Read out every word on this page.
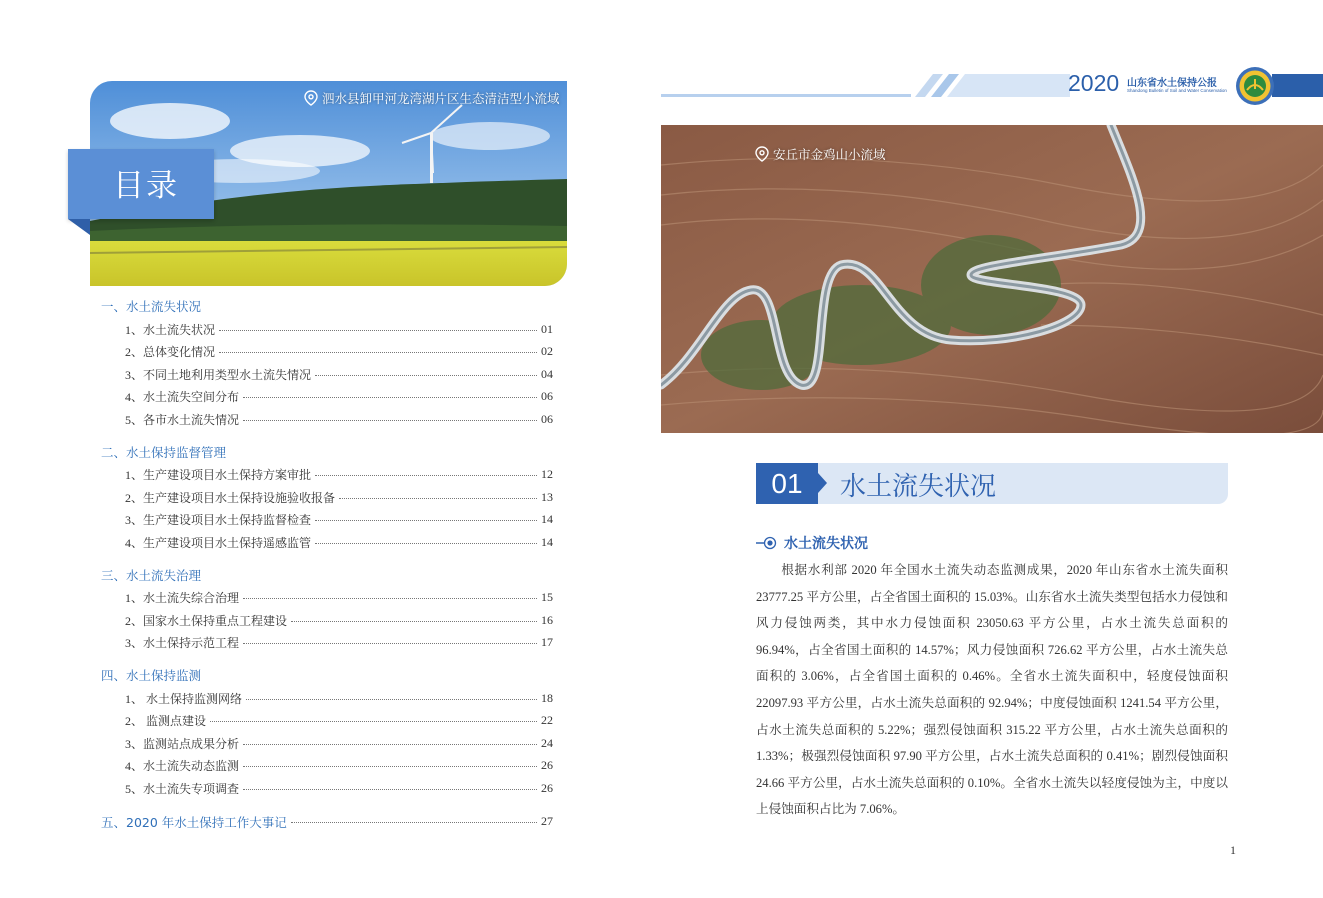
泗水县卸甲河龙湾湖片区生态清洁型小流域
目录
一、水土流失状况
1、水土流失状况	01
2、总体变化情况	02
3、不同土地利用类型水土流失情况	04
4、水土流失空间分布	06
5、各市水土流失情况	06
二、水土保持监督管理
1、生产建设项目水土保持方案审批	12
2、生产建设项目水土保持设施验收报备	13
3、生产建设项目水土保持监督检查	14
4、生产建设项目水土保持遥感监管	14
三、水土流失治理
1、水土流失综合治理	15
2、国家水土保持重点工程建设	16
3、水土保持示范工程	17
四、水土保持监测
1、 水土保持监测网络	18
2、 监测点建设	22
3、监测站点成果分析	24
4、水土流失动态监测	26
5、水土流失专项调查	26
五、2020 年水土保持工作大事记	27
2020 山东省水土保持公报
Shandong Bulletin of Soil and Water Conservation
安丘市金鸡山小流域
01	水土流失状况
水土流失状况

根据水利部 2020 年全国水土流失动态监测成果，2020 年山东省水土流失面积 23777.25 平方公里，占全省国土面积的 15.03%。山东省水土流失类型包括水力侵蚀和风力侵蚀两类，其中水力侵蚀面积 23050.63 平方公里，占水土流失总面积的 96.94%，占全省国土面积的 14.57%；风力侵蚀面积 726.62 平方公里，占水土流失总面积的 3.06%，占全省国土面积的 0.46%。全省水土流失面积中，轻度侵蚀面积 22097.93 平方公里，占水土流失总面积的 92.94%；中度侵蚀面积 1241.54 平方公里，占水土流失总面积的 5.22%；强烈侵蚀面积 315.22 平方公里，占水土流失总面积的 1.33%；极强烈侵蚀面积 97.90 平方公里，占水土流失总面积的 0.41%；剧烈侵蚀面积 24.66 平方公里，占水土流失总面积的 0.10%。全省水土流失以轻度侵蚀为主，中度以上侵蚀面积占比为 7.06%。

1
